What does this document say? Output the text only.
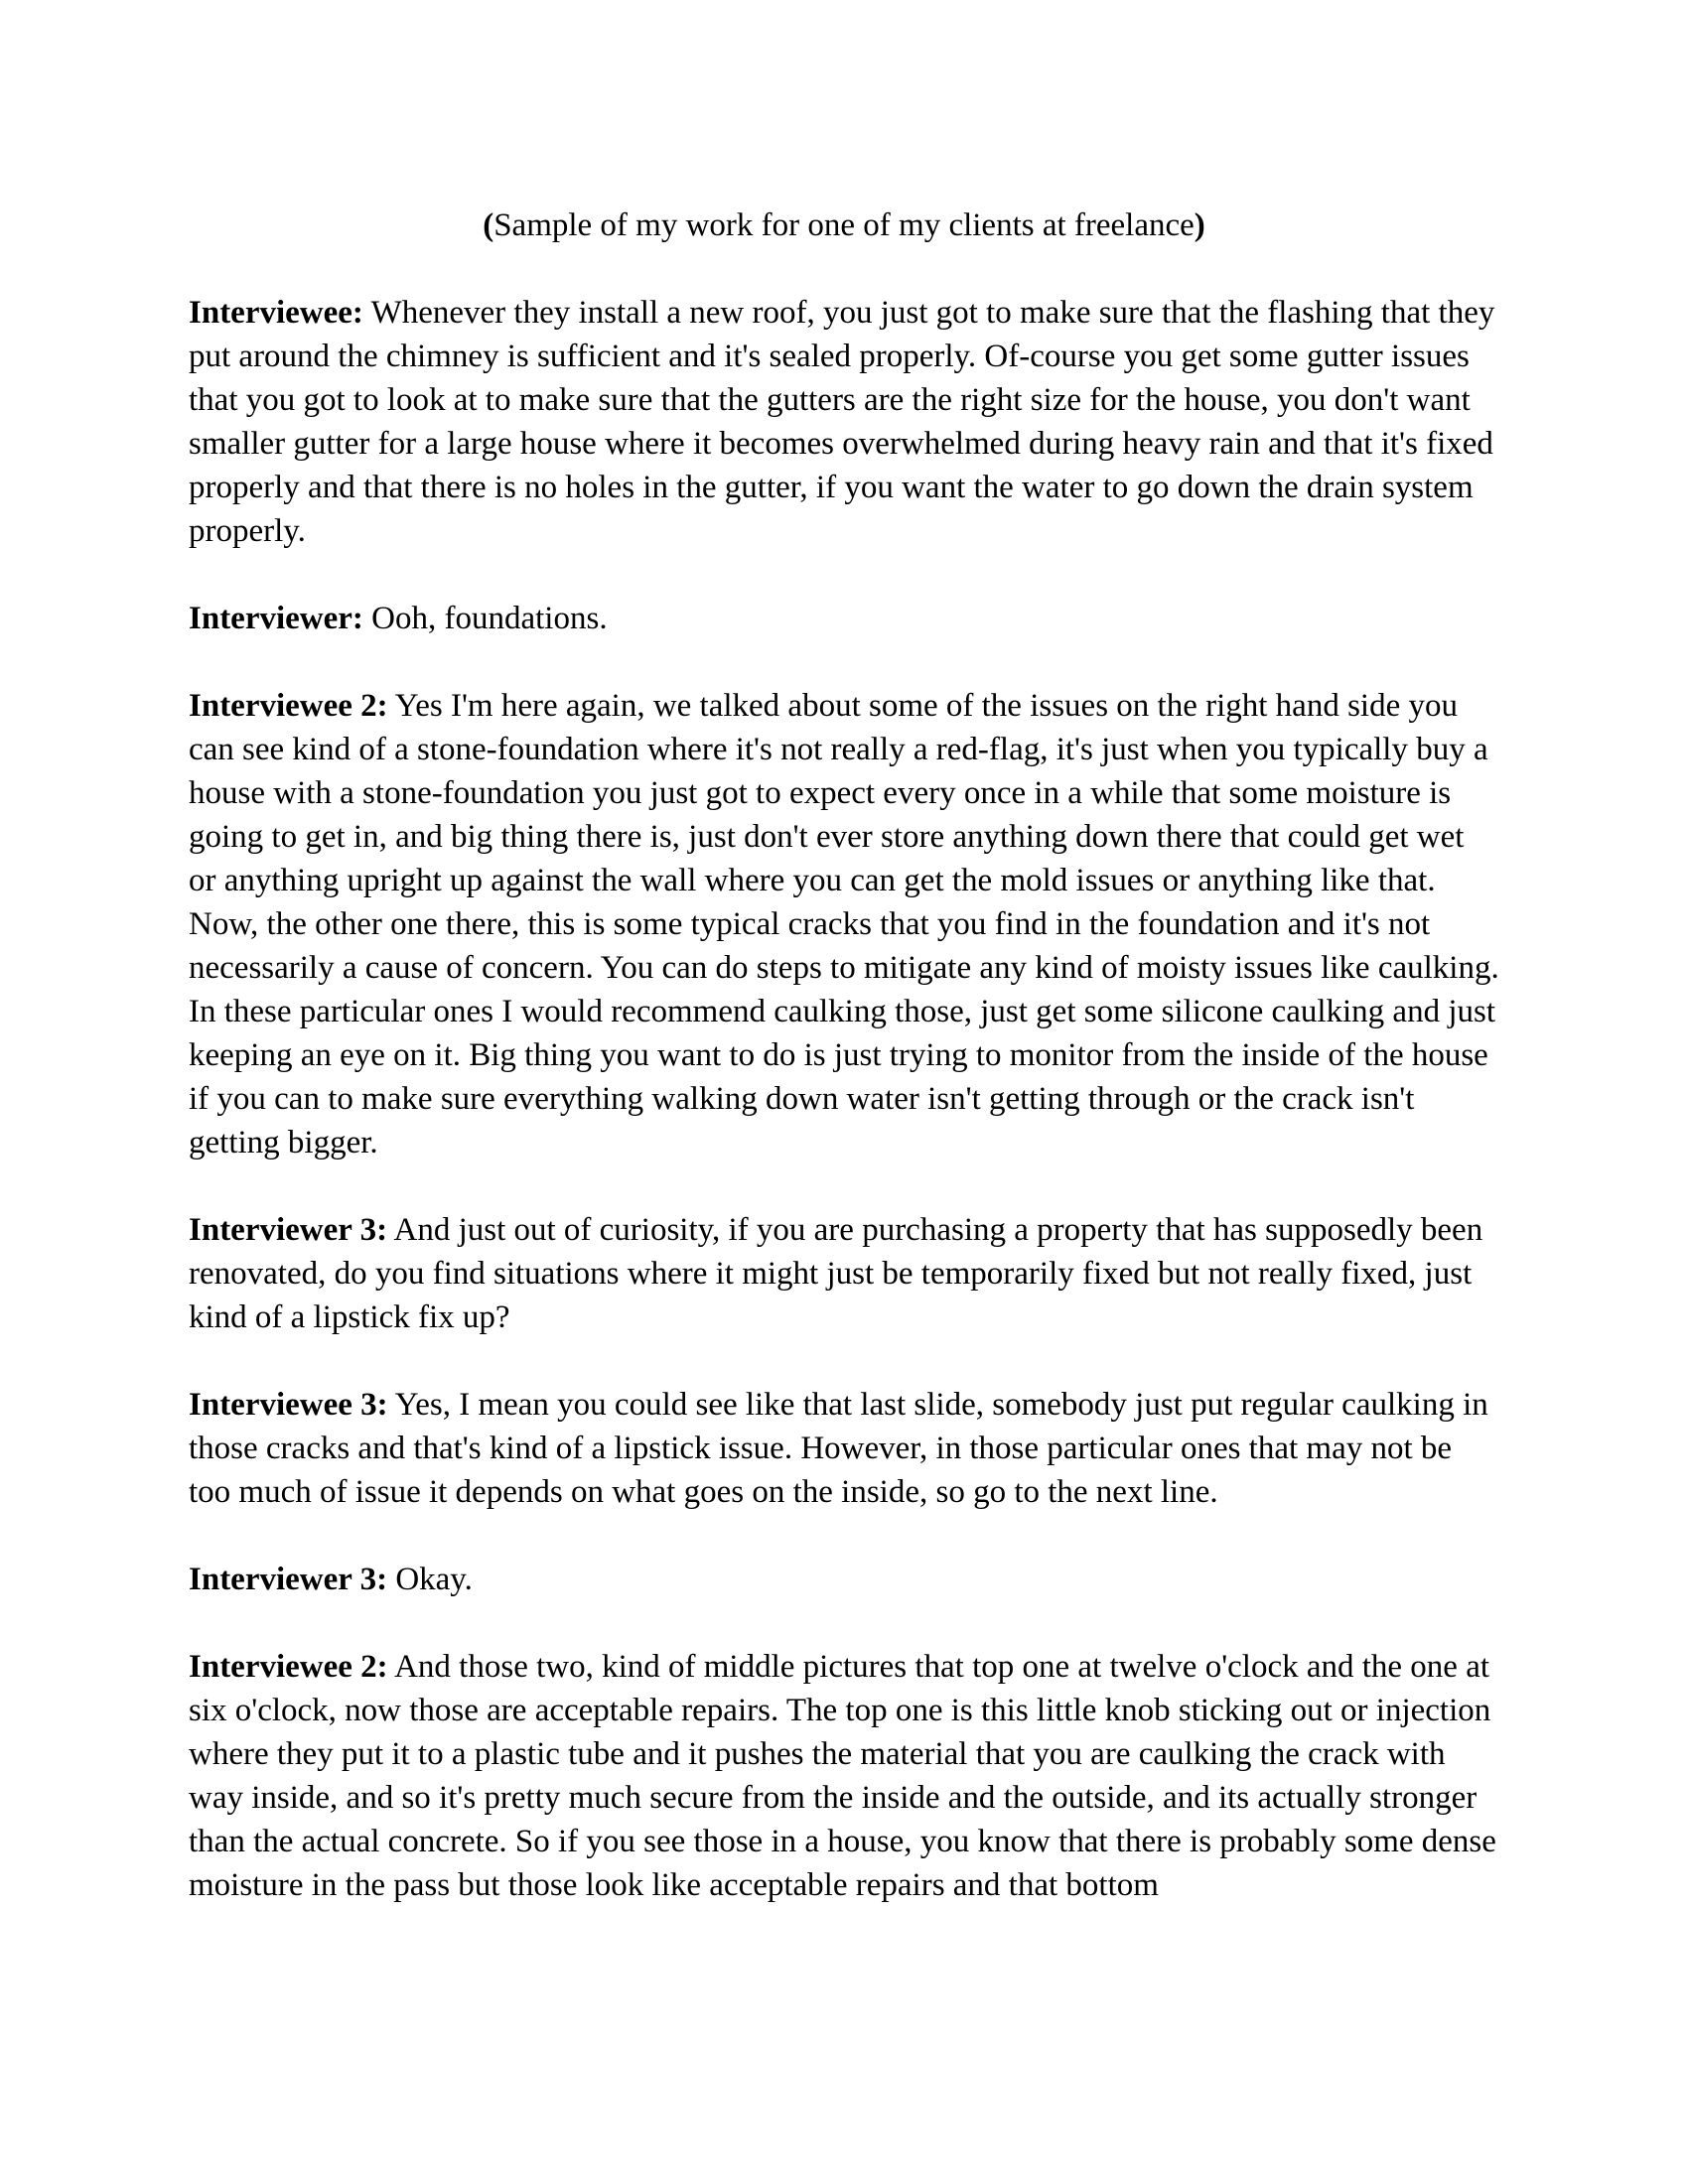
(Sample of my work for one of my clients at freelance)

Interviewee: Whenever they install a new roof, you just got to make sure that the flashing that they put around the chimney is sufficient and it's sealed properly. Of-course you get some gutter issues that you got to look at to make sure that the gutters are the right size for the house, you don't want smaller gutter for a large house where it becomes overwhelmed during heavy rain and that it's fixed properly and that there is no holes in the gutter, if you want the water to go down the drain system properly.

Interviewer: Ooh, foundations.

Interviewee 2: Yes I'm here again, we talked about some of the issues on the right hand side you can see kind of a stone-foundation where it's not really a red-flag, it's just when you typically buy a house with a stone-foundation you just got to expect every once in a while that some moisture is going to get in, and big thing there is, just don't ever store anything down there that could get wet or anything upright up against the wall where you can get the mold issues or anything like that. Now, the other one there, this is some typical cracks that you find in the foundation and it's not necessarily a cause of concern. You can do steps to mitigate any kind of moisty issues like caulking. In these particular ones I would recommend caulking those, just get some silicone caulking and just keeping an eye on it. Big thing you want to do is just trying to monitor from the inside of the house if you can to make sure everything walking down water isn't getting through or the crack isn't getting bigger.

Interviewer 3: And just out of curiosity, if you are purchasing a property that has supposedly been renovated, do you find situations where it might just be temporarily fixed but not really fixed, just kind of a lipstick fix up?

Interviewee 3: Yes, I mean you could see like that last slide, somebody just put regular caulking in those cracks and that's kind of a lipstick issue. However, in those particular ones that may not be too much of issue it depends on what goes on the inside, so go to the next line.

Interviewer 3: Okay.

Interviewee 2: And those two, kind of middle pictures that top one at twelve o'clock and the one at six o'clock, now those are acceptable repairs. The top one is this little knob sticking out or injection where they put it to a plastic tube and it pushes the material that you are caulking the crack with way inside, and so it's pretty much secure from the inside and the outside, and its actually stronger than the actual concrete. So if you see those in a house, you know that there is probably some dense moisture in the pass but those look like acceptable repairs and that bottom
